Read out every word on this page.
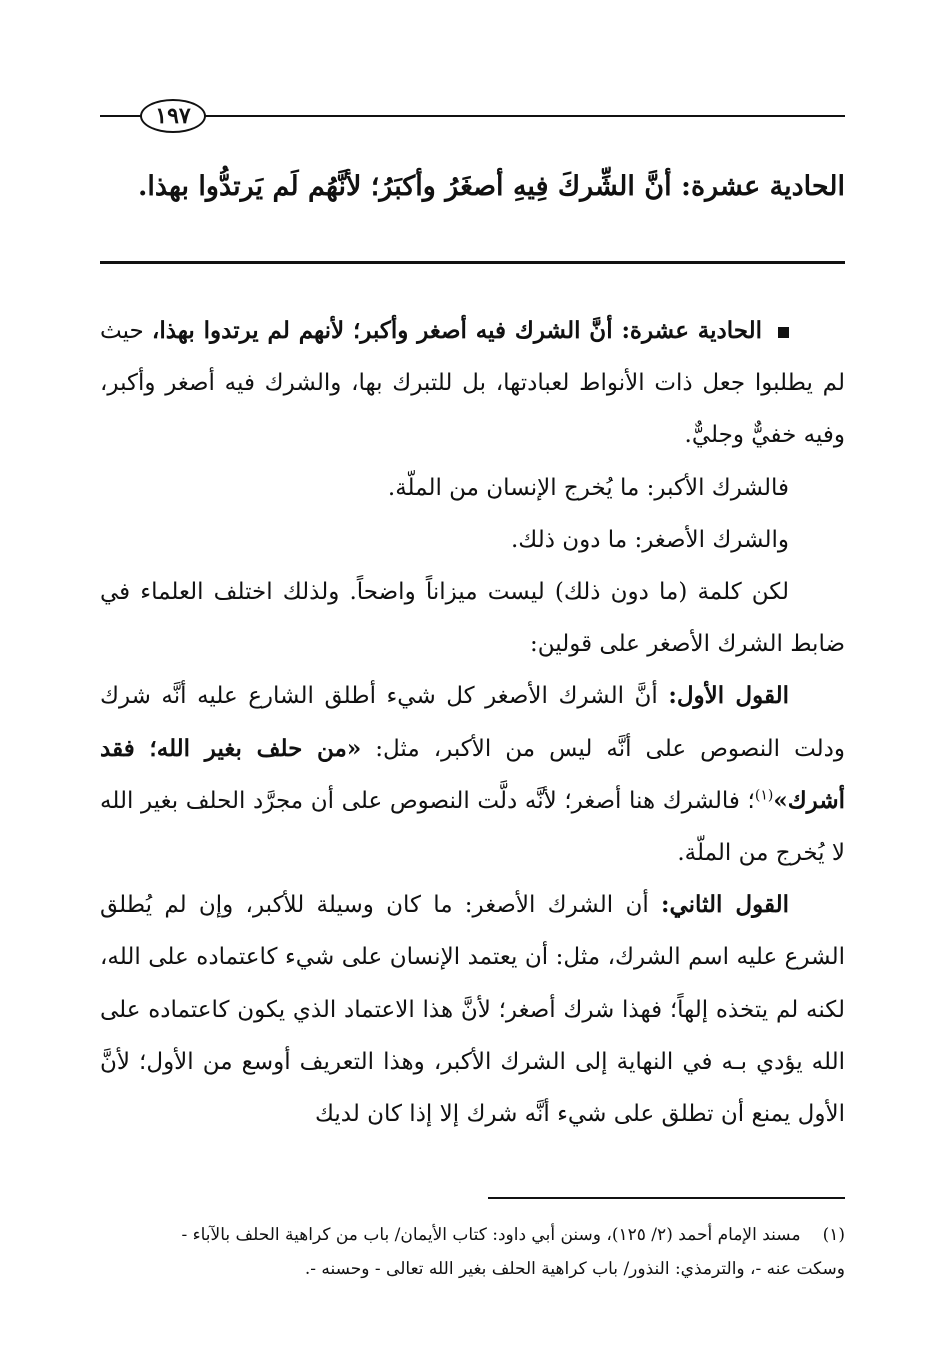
١٩٧
الحادية عشرة: أنَّ الشِّركَ فِيهِ أصغَرُ وأكبَرُ؛ لأنَّهُم لَم يَرتدُّوا بهذا.

الحادية عشرة: أنَّ الشرك فيه أصغر وأكبر؛ لأنهم لم يرتدوا بهذا، حيث لم يطلبوا جعل ذات الأنواط لعبادتها، بل للتبرك بها، والشرك فيه أصغر وأكبر، وفيه خفيٌّ وجليٌّ.

فالشرك الأكبر: ما يُخرج الإنسان من الملّة.

والشرك الأصغر: ما دون ذلك.

لكن كلمة (ما دون ذلك) ليست ميزاناً واضحاً. ولذلك اختلف العلماء في ضابط الشرك الأصغر على قولين:

القول الأول: أنَّ الشرك الأصغر كل شيء أطلق الشارع عليه أنَّه شرك ودلت النصوص على أنَّه ليس من الأكبر، مثل: «من حلف بغير الله؛ فقد أشرك»$^{(١)}$؛ فالشرك هنا أصغر؛ لأنَّه دلَّت النصوص على أن مجرَّد الحلف بغير الله لا يُخرج من الملّة.

القول الثاني: أن الشرك الأصغر: ما كان وسيلة للأكبر، وإن لم يُطلق الشرع عليه اسم الشرك، مثل: أن يعتمد الإنسان على شيء كاعتماده على الله، لكنه لم يتخذه إلهاً؛ فهذا شرك أصغر؛ لأنَّ هذا الاعتماد الذي يكون كاعتماده على الله يؤدي بـه في النهاية إلى الشرك الأكبر، وهذا التعريف أوسع من الأول؛ لأنَّ الأول يمنع أن تطلق على شيء أنَّه شرك إلا إذا كان لديك

(١)مسند الإمام أحمد (٢/ ١٢٥)، وسنن أبي داود: كتاب الأيمان/ باب من كراهية الحلف بالآباء -

وسكت عنه -، والترمذي: النذور/ باب كراهية الحلف بغير الله تعالى - وحسنه -.
